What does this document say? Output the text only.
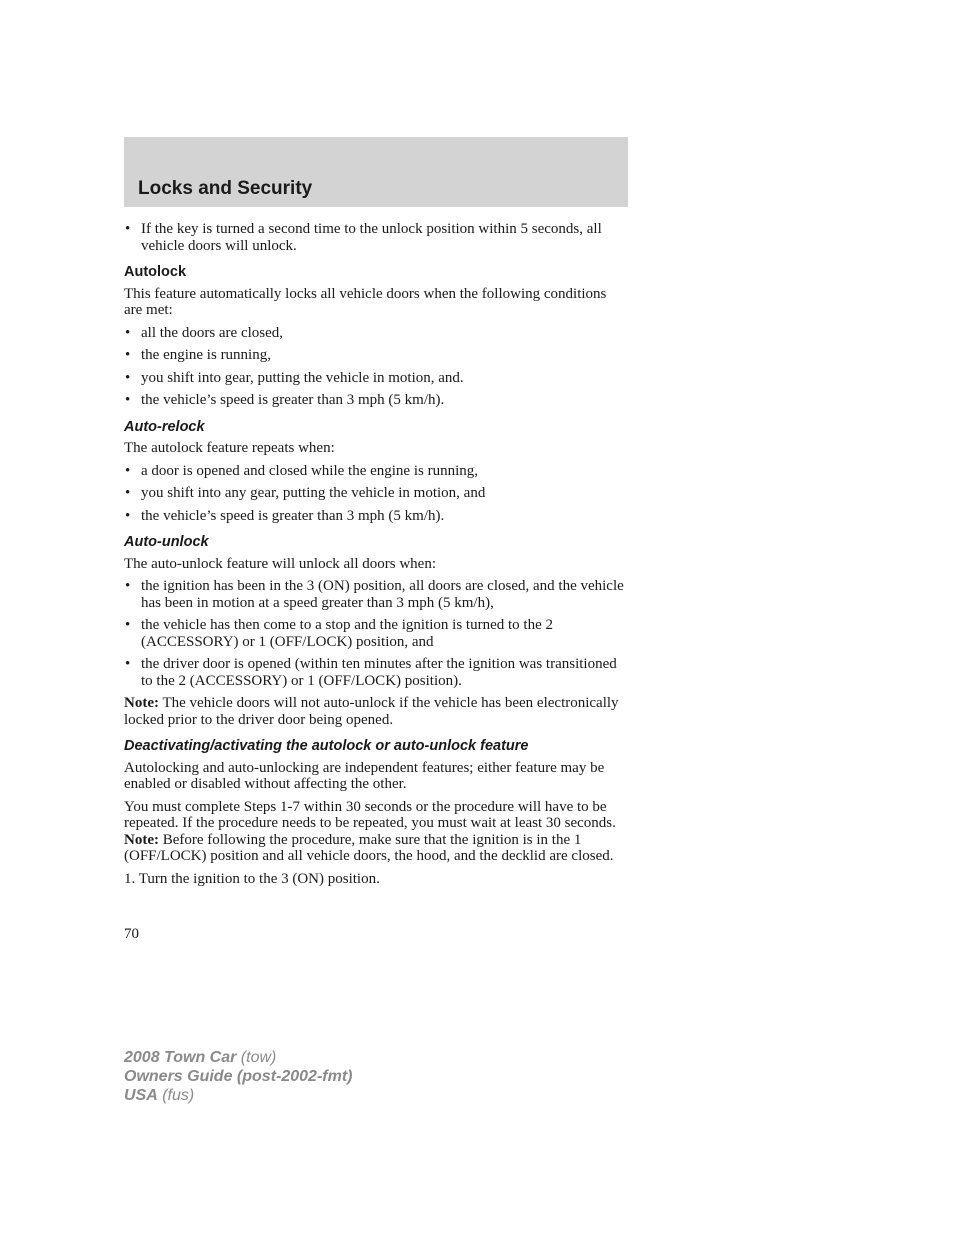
Locks and Security
• If the key is turned a second time to the unlock position within 5 seconds, all vehicle doors will unlock.
Autolock

This feature automatically locks all vehicle doors when the following conditions are met:

• all the doors are closed,
• the engine is running,
• you shift into gear, putting the vehicle in motion, and.
• the vehicle’s speed is greater than 3 mph (5 km/h).
Auto-relock

The autolock feature repeats when:

• a door is opened and closed while the engine is running,
• you shift into any gear, putting the vehicle in motion, and
• the vehicle’s speed is greater than 3 mph (5 km/h).
Auto-unlock

The auto-unlock feature will unlock all doors when:

• the ignition has been in the 3 (ON) position, all doors are closed, and the vehicle has been in motion at a speed greater than 3 mph (5 km/h),
• the vehicle has then come to a stop and the ignition is turned to the 2 (ACCESSORY) or 1 (OFF/LOCK) position, and
• the driver door is opened (within ten minutes after the ignition was transitioned to the 2 (ACCESSORY) or 1 (OFF/LOCK) position).

Note: The vehicle doors will not auto-unlock if the vehicle has been electronically locked prior to the driver door being opened.

Deactivating/activating the autolock or auto-unlock feature

Autolocking and auto-unlocking are independent features; either feature may be enabled or disabled without affecting the other.

You must complete Steps 1-7 within 30 seconds or the procedure will have to be repeated. If the procedure needs to be repeated, you must wait at least 30 seconds. Note: Before following the procedure, make sure that the ignition is in the 1 (OFF/LOCK) position and all vehicle doors, the hood, and the decklid are closed.

1. Turn the ignition to the 3 (ON) position.

70
2008 Town Car (tow)
Owners Guide (post-2002-fmt)
USA (fus)
